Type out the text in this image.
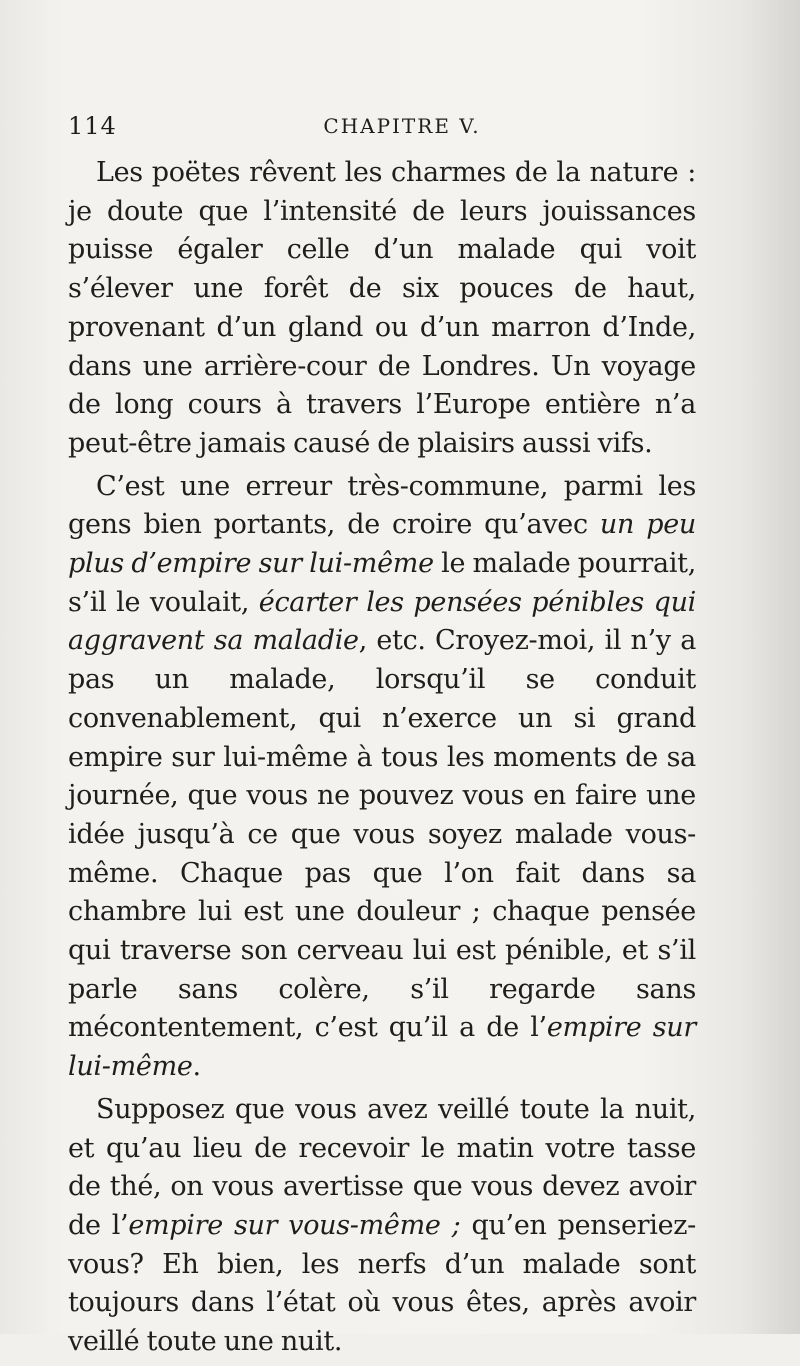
114	CHAPITRE V.

Les poëtes rêvent les charmes de la nature : je doute que l’intensité de leurs jouissances puisse égaler celle d’un malade qui voit s’élever une forêt de six pouces de haut, provenant d’un gland ou d’un marron d’Inde, dans une arrière-cour de Londres. Un voyage de long cours à travers l’Europe entière n’a peut-être jamais causé de plaisirs aussi vifs.

C’est une erreur très-commune, parmi les gens bien portants, de croire qu’avec un peu plus d’empire sur lui-même le malade pourrait, s’il le voulait, écarter les pensées pénibles qui aggravent sa maladie, etc. Croyez-moi, il n’y a pas un malade, lorsqu’il se conduit convenablement, qui n’exerce un si grand empire sur lui-même à tous les moments de sa journée, que vous ne pouvez vous en faire une idée jusqu’à ce que vous soyez malade vous-même. Chaque pas que l’on fait dans sa chambre lui est une douleur ; chaque pensée qui traverse son cerveau lui est pénible, et s’il parle sans colère, s’il regarde sans mécontentement, c’est qu’il a de l’empire sur lui-même.

Supposez que vous avez veillé toute la nuit, et qu’au lieu de recevoir le matin votre tasse de thé, on vous avertisse que vous devez avoir de l’empire sur vous-même ; qu’en penseriez-vous? Eh bien, les nerfs d’un malade sont toujours dans l’état où vous êtes, après avoir veillé toute une nuit.
